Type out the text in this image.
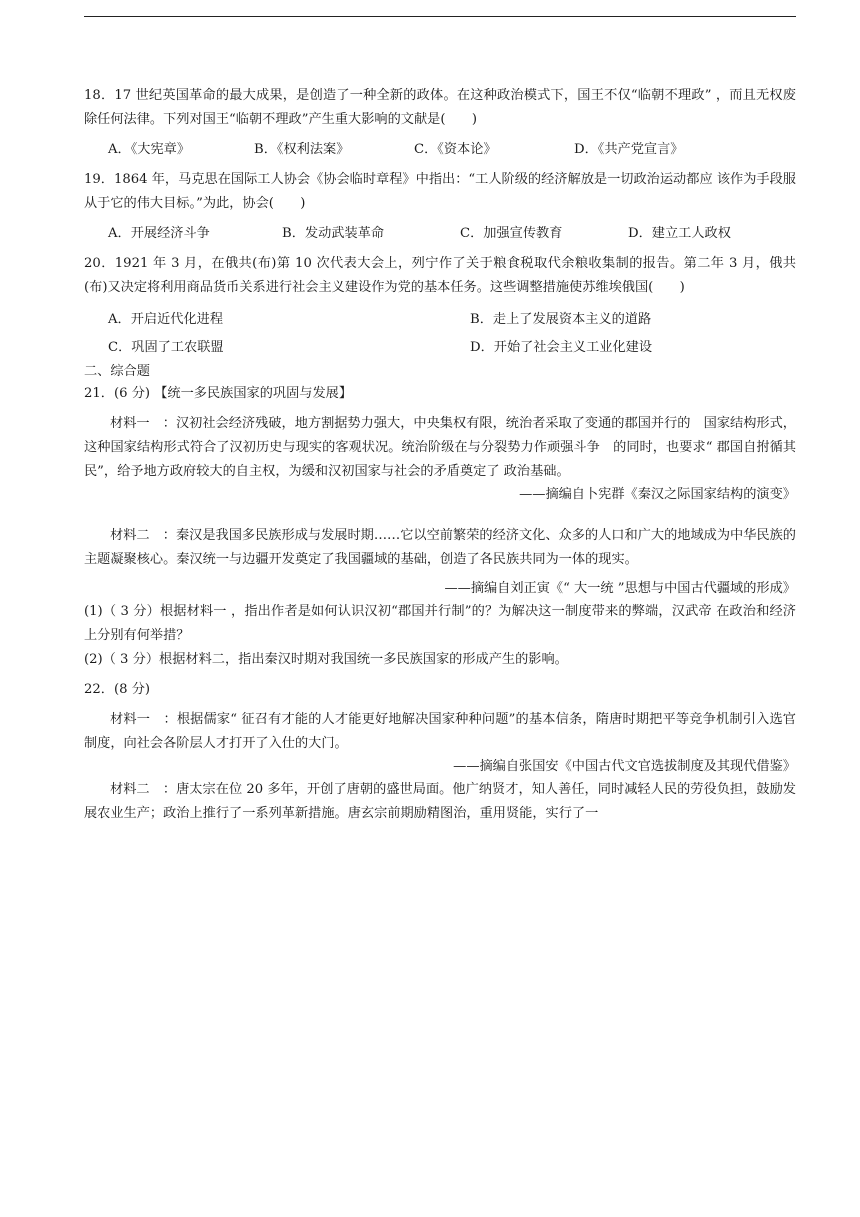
18．17 世纪英国革命的最大成果，是创造了一种全新的政体。在这种政治模式下，国王不仅“临朝不理政” ，而且无权废除任何法律。下列对国王“临朝不理政”产生重大影响的文献是(　　)

A．《大宪章》	B．《权利法案》	C．《资本论》	D．《共产党宣言》

19．1864 年，马克思在国际工人协会《协会临时章程》中指出：“工人阶级的经济解放是一切政治运动都应 该作为手段服从于它的伟大目标。”为此，协会(　　)

A．开展经济斗争	B．发动武装革命	C．加强宣传教育	D．建立工人政权

20．1921 年 3 月，在俄共(布)第 10 次代表大会上，列宁作了关于粮食税取代余粮收集制的报告。第二年 3 月，俄共(布)又决定将利用商品货币关系进行社会主义建设作为党的基本任务。这些调整措施使苏维埃俄国(　　)

A．开启近代化进程	B．走上了发展资本主义的道路
C．巩固了工农联盟	D．开始了社会主义工业化建设

二、综合题

21．(6 分) 【统一多民族国家的巩固与发展】

材料一　：汉初社会经济残破，地方割据势力强大，中央集权有限，统治者采取了变通的郡国并行的　国家结构形式，这种国家结构形式符合了汉初历史与现实的客观状况。统治阶级在与分裂势力作顽强斗争　的同时，也要求“ 郡国自拊循其民”，给予地方政府较大的自主权，为缓和汉初国家与社会的矛盾奠定了 政治基础。

——摘编自卜宪群《秦汉之际国家结构的演变》

材料二　：秦汉是我国多民族形成与发展时期……它以空前繁荣的经济文化、众多的人口和广大的地域成为中华民族的主题凝聚核心。秦汉统一与边疆开发奠定了我国疆域的基础，创造了各民族共同为一体的现实。

——摘编自刘正寅《“ 大一统 ”思想与中国古代疆域的形成》

(1)（ 3 分）根据材料一 ，指出作者是如何认识汉初“郡国并行制”的？为解决这一制度带来的弊端，汉武帝 在政治和经济上分别有何举措？

(2)（ 3 分）根据材料二，指出秦汉时期对我国统一多民族国家的形成产生的影响。

22．(8 分)

材料一　：根据儒家“ 征召有才能的人才能更好地解决国家种种问题”的基本信条，隋唐时期把平等竞争机制引入选官制度，向社会各阶层人才打开了入仕的大门。

——摘编自张国安《中国古代文官选拔制度及其现代借鉴》

材料二　：唐太宗在位 20 多年，开创了唐朝的盛世局面。他广纳贤才，知人善任，同时减轻人民的劳役负担，鼓励发展农业生产；政治上推行了一系列革新措施。唐玄宗前期励精图治，重用贤能，实行了一
